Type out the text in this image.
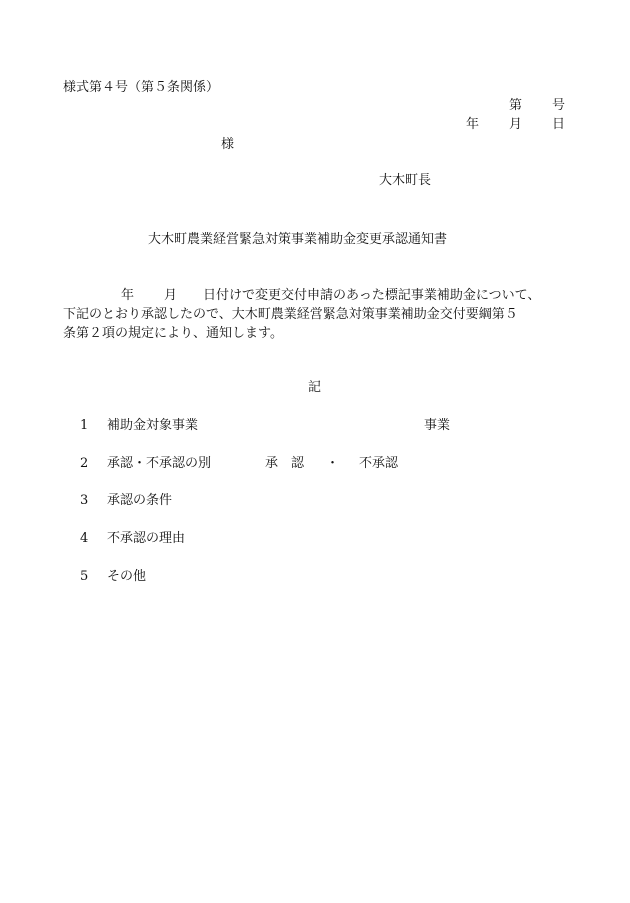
様式第４号（第５条関係）
第 号
年 月 日
様
大木町長
大木町農業経営緊急対策事業補助金変更承認通知書
年 月 日付けで変更交付申請のあった標記事業補助金について、
下記のとおり承認したので、大木町農業経営緊急対策事業補助金交付要綱第５
条第２項の規定により、通知します。
記
1 補助金対象事業	事業
2 承認・不承認の別	承　認 ・ 不承認
3 承認の条件
4 不承認の理由
5 その他
